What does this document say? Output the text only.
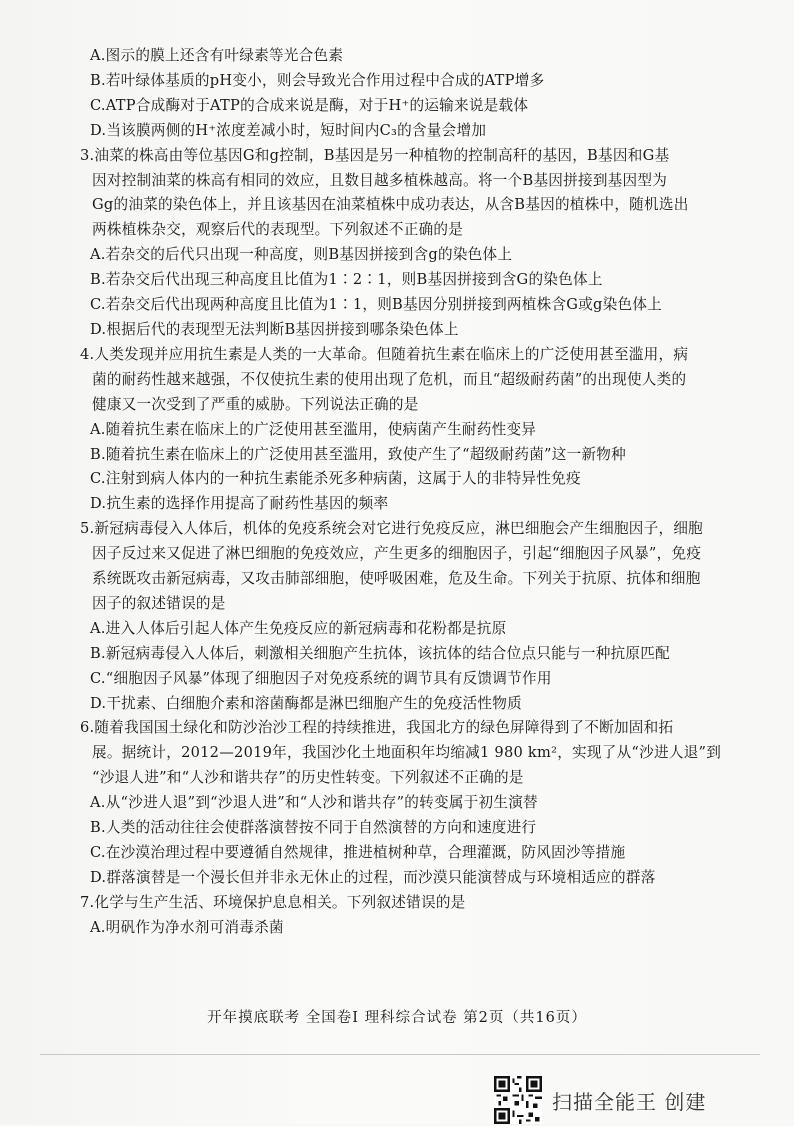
A.图示的膜上还含有叶绿素等光合色素
B.若叶绿体基质的pH变小，则会导致光合作用过程中合成的ATP增多
C.ATP合成酶对于ATP的合成来说是酶，对于H⁺的运输来说是载体
D.当该膜两侧的H⁺浓度差减小时，短时间内C₃的含量会增加
3.油菜的株高由等位基因G和g控制，B基因是另一种植物的控制高秆的基因，B基因和G基
因对控制油菜的株高有相同的效应，且数目越多植株越高。将一个B基因拼接到基因型为
Gg的油菜的染色体上，并且该基因在油菜植株中成功表达，从含B基因的植株中，随机选出
两株植株杂交，观察后代的表现型。下列叙述不正确的是
A.若杂交的后代只出现一种高度，则B基因拼接到含g的染色体上
B.若杂交后代出现三种高度且比值为1∶2∶1，则B基因拼接到含G的染色体上
C.若杂交后代出现两种高度且比值为1∶1，则B基因分别拼接到两植株含G或g染色体上
D.根据后代的表现型无法判断B基因拼接到哪条染色体上
4.人类发现并应用抗生素是人类的一大革命。但随着抗生素在临床上的广泛使用甚至滥用，病
菌的耐药性越来越强，不仅使抗生素的使用出现了危机，而且“超级耐药菌”的出现使人类的
健康又一次受到了严重的威胁。下列说法正确的是
A.随着抗生素在临床上的广泛使用甚至滥用，使病菌产生耐药性变异
B.随着抗生素在临床上的广泛使用甚至滥用，致使产生了“超级耐药菌”这一新物种
C.注射到病人体内的一种抗生素能杀死多种病菌，这属于人的非特异性免疫
D.抗生素的选择作用提高了耐药性基因的频率
5.新冠病毒侵入人体后，机体的免疫系统会对它进行免疫反应，淋巴细胞会产生细胞因子，细胞
因子反过来又促进了淋巴细胞的免疫效应，产生更多的细胞因子，引起“细胞因子风暴”，免疫
系统既攻击新冠病毒，又攻击肺部细胞，使呼吸困难，危及生命。下列关于抗原、抗体和细胞
因子的叙述错误的是
A.进入人体后引起人体产生免疫反应的新冠病毒和花粉都是抗原
B.新冠病毒侵入人体后，刺激相关细胞产生抗体，该抗体的结合位点只能与一种抗原匹配
C.“细胞因子风暴”体现了细胞因子对免疫系统的调节具有反馈调节作用
D.干扰素、白细胞介素和溶菌酶都是淋巴细胞产生的免疫活性物质
6.随着我国国土绿化和防沙治沙工程的持续推进，我国北方的绿色屏障得到了不断加固和拓
展。据统计，2012—2019年，我国沙化土地面积年均缩减1 980 km²，实现了从“沙进人退”到
“沙退人进”和“人沙和谐共存”的历史性转变。下列叙述不正确的是
A.从“沙进人退”到“沙退人进”和“人沙和谐共存”的转变属于初生演替
B.人类的活动往往会使群落演替按不同于自然演替的方向和速度进行
C.在沙漠治理过程中要遵循自然规律，推进植树种草，合理灌溉，防风固沙等措施
D.群落演替是一个漫长但并非永无休止的过程，而沙漠只能演替成与环境相适应的群落
7.化学与生产生活、环境保护息息相关。下列叙述错误的是
A.明矾作为净水剂可消毒杀菌
开年摸底联考 全国卷Ⅰ 理科综合试卷 第2页（共16页）
扫描全能王 创建
